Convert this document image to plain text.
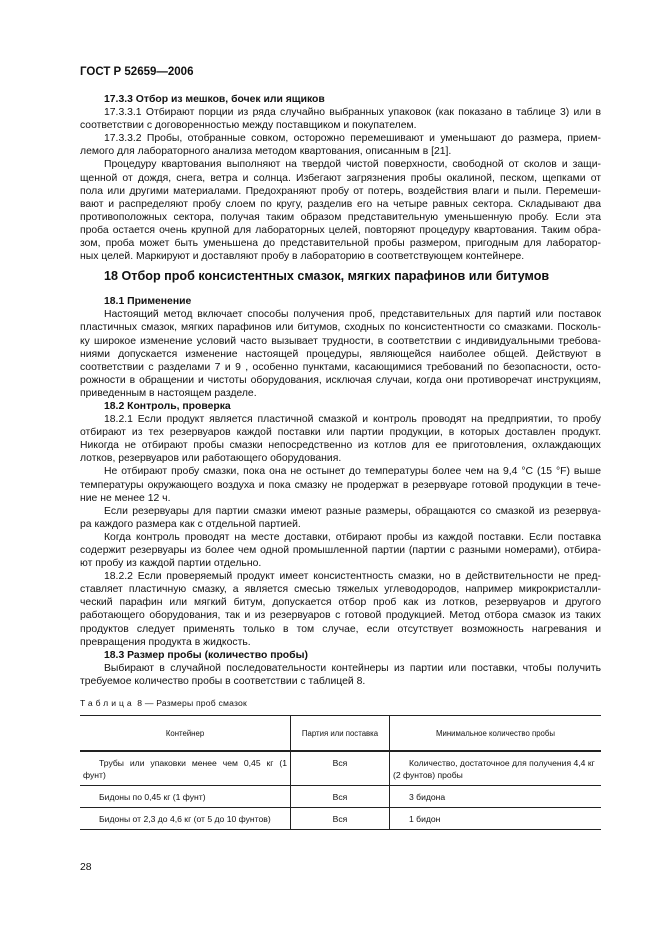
ГОСТ Р 52659—2006
17.3.3 Отбор из мешков, бочек или ящиков
17.3.3.1 Отбирают порции из ряда случайно выбранных упаковок (как показано в таблице 3) или в
соответствии с договоренностью между поставщиком и покупателем.
17.3.3.2 Пробы, отобранные совком, осторожно перемешивают и уменьшают до размера, прием-
лемого для лабораторного анализа методом квартования, описанным в [21].
Процедуру квартования выполняют на твердой чистой поверхности, свободной от сколов и защи-
щенной от дождя, снега, ветра и солнца. Избегают загрязнения пробы окалиной, песком, щепками от
пола или другими материалами. Предохраняют пробу от потерь, воздействия влаги и пыли. Перемеши-
вают и распределяют пробу слоем по кругу, разделив его на четыре равных сектора. Складывают два
противоположных сектора, получая таким образом представительную уменьшенную пробу. Если эта
проба остается очень крупной для лабораторных целей, повторяют процедуру квартования. Таким обра-
зом, проба может быть уменьшена до представительной пробы размером, пригодным для лаборатор-
ных целей. Маркируют и доставляют пробу в лабораторию в соответствующем контейнере.
18 Отбор проб консистентных смазок, мягких парафинов или битумов
18.1 Применение
Настоящий метод включает способы получения проб, представительных для партий или поставок
пластичных смазок, мягких парафинов или битумов, сходных по консистентности со смазками. Посколь-
ку широкое изменение условий часто вызывает трудности, в соответствии с индивидуальными требова-
ниями допускается изменение настоящей процедуры, являющейся наиболее общей. Действуют в
соответствии с разделами 7 и 9 , особенно пунктами, касающимися требований по безопасности, осто-
рожности в обращении и чистоты оборудования, исключая случаи, когда они противоречат инструкциям,
приведенным в настоящем разделе.
18.2 Контроль, проверка
18.2.1 Если продукт является пластичной смазкой и контроль проводят на предприятии, то пробу
отбирают из тех резервуаров каждой поставки или партии продукции, в которых доставлен продукт.
Никогда не отбирают пробы смазки непосредственно из котлов для ее приготовления, охлаждающих
лотков, резервуаров или работающего оборудования.
Не отбирают пробу смазки, пока она не остынет до температуры более чем на 9,4 °C (15 °F) выше
температуры окружающего воздуха и пока смазку не продержат в резервуаре готовой продукции в тече-
ние не менее 12 ч.
Если резервуары для партии смазки имеют разные размеры, обращаются со смазкой из резервуа-
ра каждого размера как с отдельной партией.
Когда контроль проводят на месте доставки, отбирают пробы из каждой поставки. Если поставка
содержит резервуары из более чем одной промышленной партии (партии с разными номерами), отбира-
ют пробу из каждой партии отдельно.
18.2.2 Если проверяемый продукт имеет консистентность смазки, но в действительности не пред-
ставляет пластичную смазку, а является смесью тяжелых углеводородов, например микрокристалли-
ческий парафин или мягкий битум, допускается отбор проб как из лотков, резервуаров и другого
работающего оборудования, так и из резервуаров с готовой продукцией. Метод отбора смазок из таких
продуктов следует применять только в том случае, если отсутствует возможность нагревания и
превращения продукта в жидкость.
18.3 Размер пробы (количество пробы)
Выбирают в случайной последовательности контейнеры из партии или поставки, чтобы получить
требуемое количество пробы в соответствии с таблицей 8.
Таблица 8 — Размеры проб смазок
Контейнер	Партия или поставка	Минимальное количество пробы
Трубы или упаковки менее чем 0,45 кг (1 фунт)	Вся	Количество, достаточное для получения 4,4 кг (2 фунтов) пробы
Бидоны по 0,45 кг (1 фунт)	Вся	3 бидона
Бидоны от 2,3 до 4,6 кг (от 5 до 10 фунтов)	Вся	1 бидон
28
